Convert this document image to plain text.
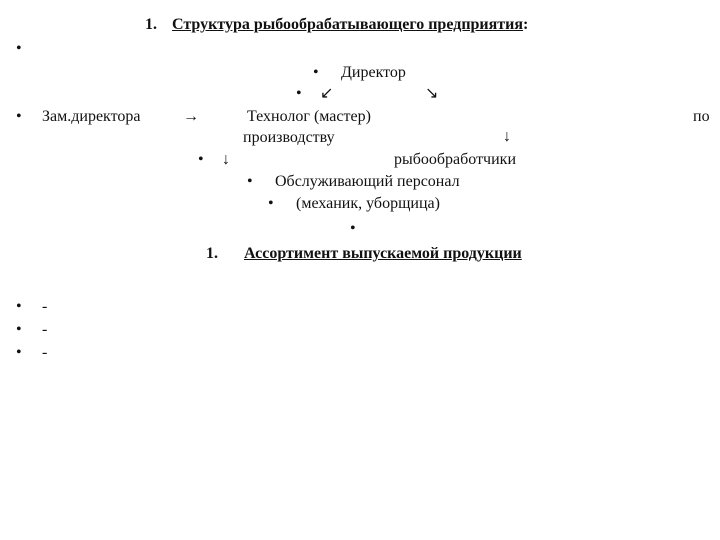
1. Структура рыбообрабатывающего предприятия:
•
• Директор
• ↙	↘
• Зам.директора	→	Технолог (мастер)	по
производству	↓
• ↓	рыбообработчики
• Обслуживающий персонал
• (механик, уборщица)
•
1. Ассортимент выпускаемой продукции
• -
• -
• -
